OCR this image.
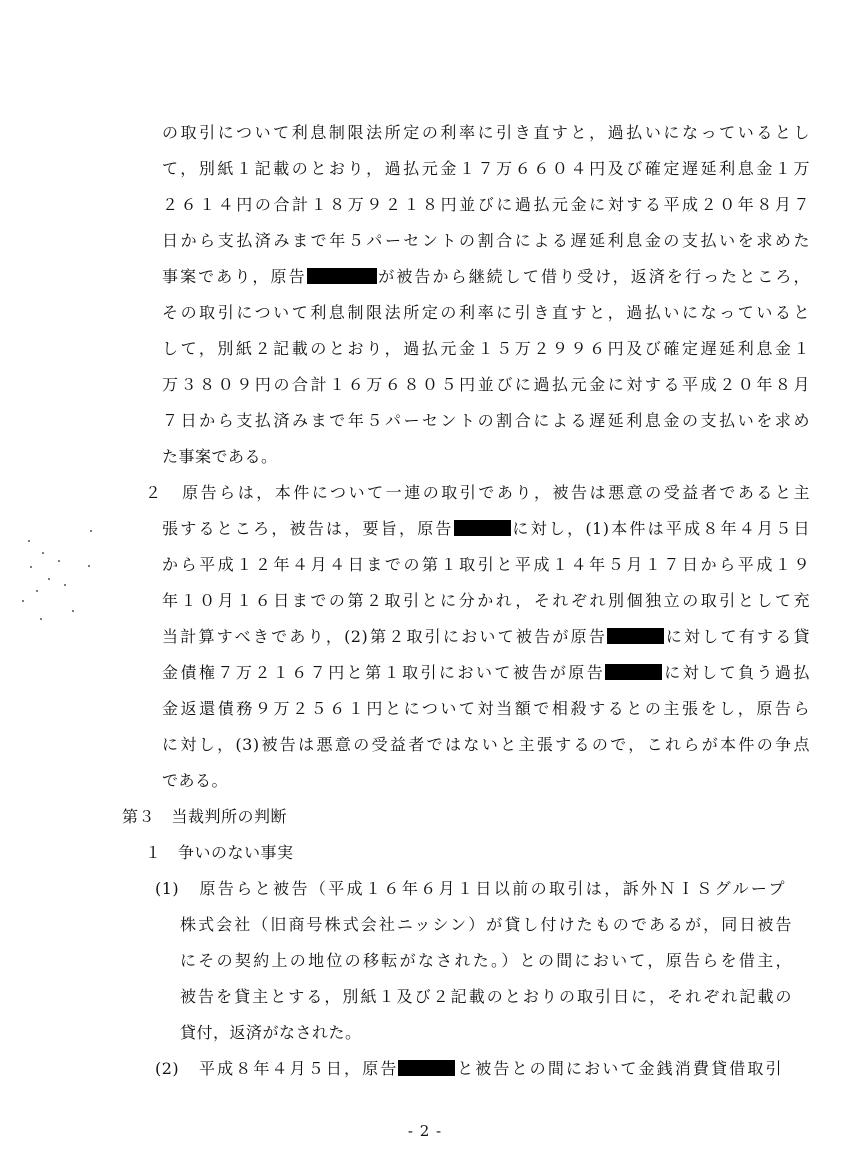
の取引について利息制限法所定の利率に引き直すと，過払いになっているとし
て，別紙１記載のとおり，過払元金１７万６６０４円及び確定遅延利息金１万
２６１４円の合計１８万９２１８円並びに過払元金に対する平成２０年８月７
日から支払済みまで年５パーセントの割合による遅延利息金の支払いを求めた
事案であり，原告	が被告から継続して借り受け，返済を行ったところ，
その取引について利息制限法所定の利率に引き直すと，過払いになっていると
して，別紙２記載のとおり，過払元金１５万２９９６円及び確定遅延利息金１
万３８０９円の合計１６万６８０５円並びに過払元金に対する平成２０年８月
７日から支払済みまで年５パーセントの割合による遅延利息金の支払いを求め
た事案である。
２　原告らは，本件について一連の取引であり，被告は悪意の受益者であると主
張するところ，被告は，要旨，原告	に対し，(1)本件は平成８年４月５日
から平成１２年４月４日までの第１取引と平成１４年５月１７日から平成１９
年１０月１６日までの第２取引とに分かれ，それぞれ別個独立の取引として充
当計算すべきであり，(2)第２取引において被告が原告	に対して有する貸
金債権７万２１６７円と第１取引において被告が原告	に対して負う過払
金返還債務９万２５６１円とについて対当額で相殺するとの主張をし，原告ら
に対し，(3)被告は悪意の受益者ではないと主張するので，これらが本件の争点
である。
第３　当裁判所の判断
１　争いのない事実
(1)　原告らと被告（平成１６年６月１日以前の取引は，訴外ＮＩＳグループ
株式会社（旧商号株式会社ニッシン）が貸し付けたものであるが，同日被告
にその契約上の地位の移転がなされた。）との間において，原告らを借主，
被告を貸主とする，別紙１及び２記載のとおりの取引日に，それぞれ記載の
貸付，返済がなされた。
(2)　平成８年４月５日，原告	と被告との間において金銭消費貸借取引
- 2 -
